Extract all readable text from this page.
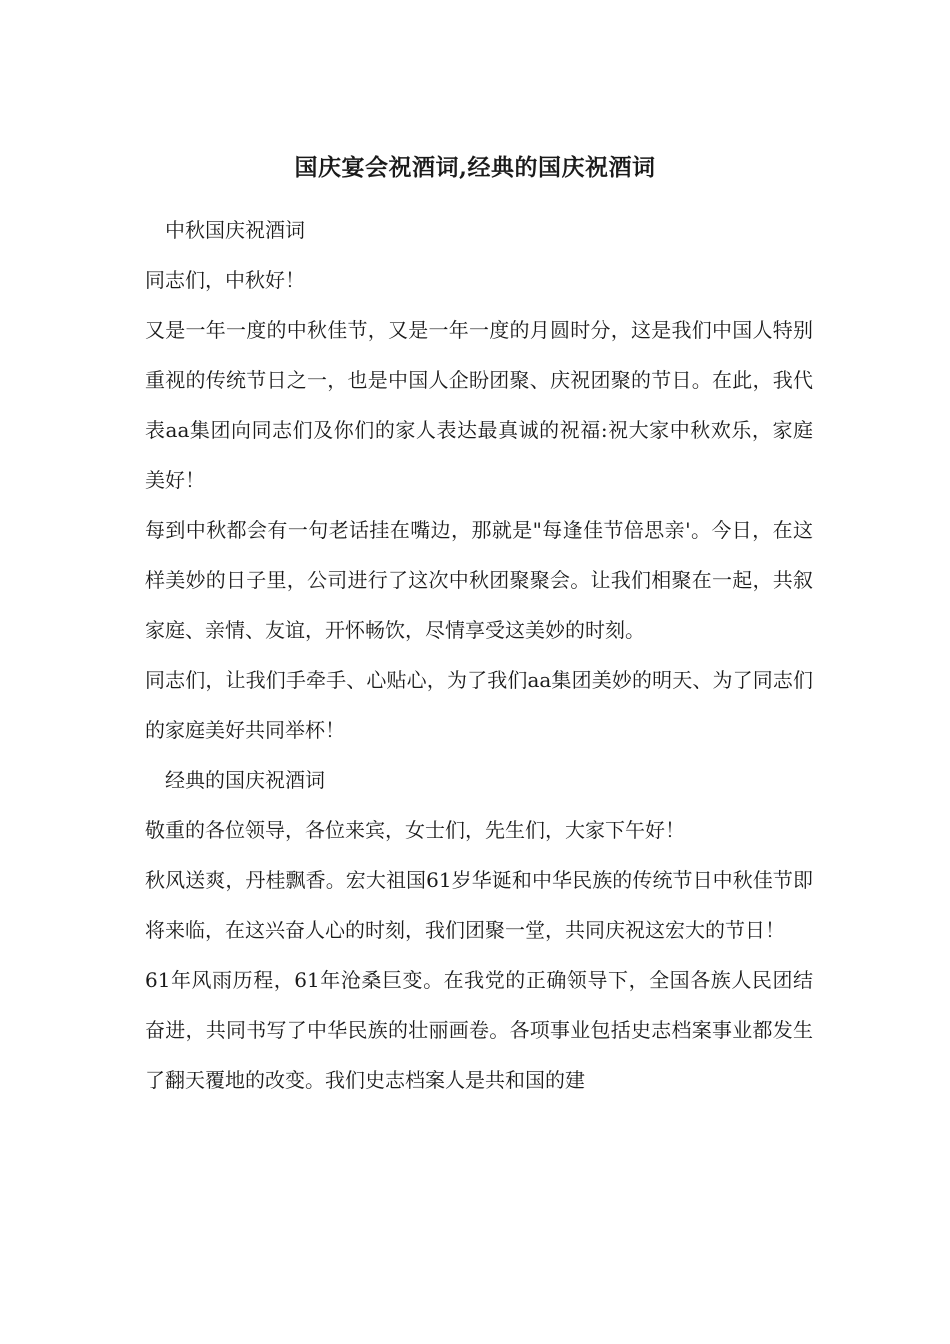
国庆宴会祝酒词,经典的国庆祝酒词

中秋国庆祝酒词

同志们，中秋好！

又是一年一度的中秋佳节，又是一年一度的月圆时分，这是我们中国人特别重视的传统节日之一，也是中国人企盼团聚、庆祝团聚的节日。在此，我代表aa集团向同志们及你们的家人表达最真诚的祝福:祝大家中秋欢乐，家庭美好！

每到中秋都会有一句老话挂在嘴边，那就是"每逢佳节倍思亲'。今日，在这样美妙的日子里，公司进行了这次中秋团聚聚会。让我们相聚在一起，共叙家庭、亲情、友谊，开怀畅饮，尽情享受这美妙的时刻。

同志们，让我们手牵手、心贴心，为了我们aa集团美妙的明天、为了同志们的家庭美好共同举杯！

经典的国庆祝酒词

敬重的各位领导，各位来宾，女士们，先生们，大家下午好！

秋风送爽，丹桂飘香。宏大祖国61岁华诞和中华民族的传统节日中秋佳节即将来临，在这兴奋人心的时刻，我们团聚一堂，共同庆祝这宏大的节日！

61年风雨历程，61年沧桑巨变。在我党的正确领导下，全国各族人民团结奋进，共同书写了中华民族的壮丽画卷。各项事业包括史志档案事业都发生了翻天覆地的改变。我们史志档案人是共和国的建
